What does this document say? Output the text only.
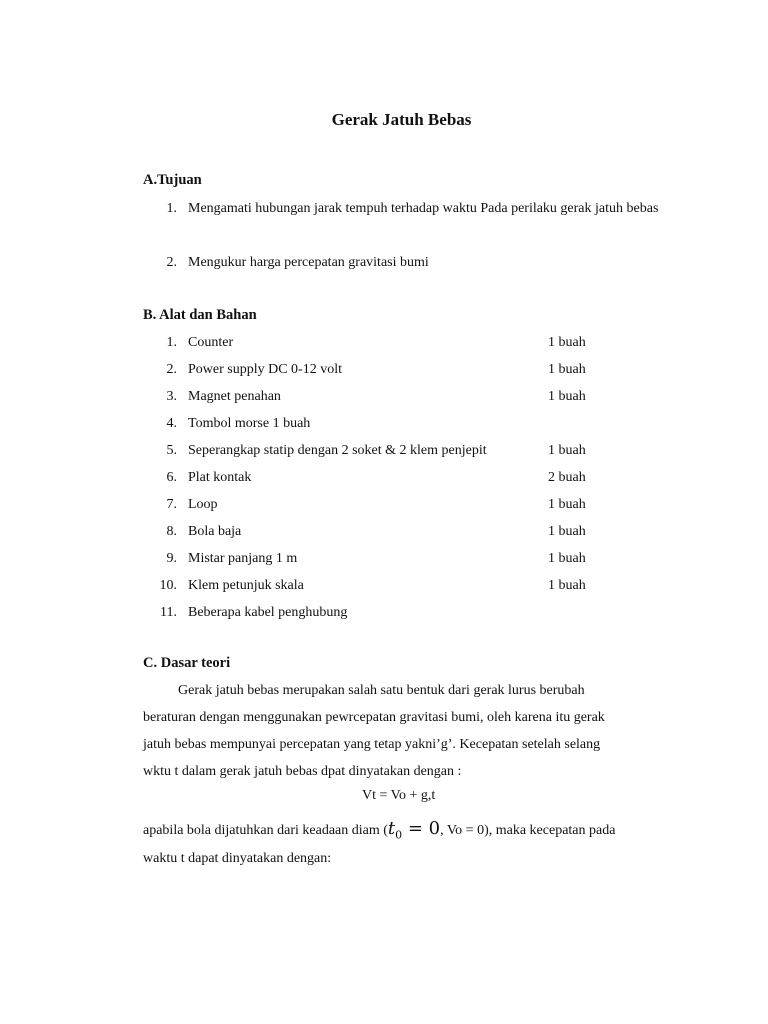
Gerak Jatuh Bebas
A.Tujuan
1. Mengamati hubungan jarak tempuh terhadap waktu Pada perilaku gerak jatuh bebas
2. Mengukur harga percepatan gravitasi bumi
B. Alat dan Bahan
1. Counter	1 buah
2. Power supply DC 0-12 volt	1 buah
3. Magnet penahan	1 buah
4. Tombol morse 1 buah
5. Seperangkap statip dengan 2 soket & 2 klem penjepit	1 buah
6. Plat kontak	2 buah
7. Loop	1 buah
8. Bola baja	1 buah
9. Mistar panjang 1 m	1 buah
10. Klem petunjuk skala	1 buah
11. Beberapa kabel penghubung
C. Dasar teori
Gerak jatuh bebas merupakan salah satu bentuk dari gerak lurus berubah
beraturan dengan menggunakan pewrcepatan gravitasi bumi, oleh karena itu gerak
jatuh bebas mempunyai percepatan yang tetap yakni’g’. Kecepatan setelah selang
wktu t dalam gerak jatuh bebas dpat dinyatakan dengan :
Vt = Vo + g,t
apabila bola dijatuhkan dari keadaan diam ($t_0 = 0$, Vo = 0), maka kecepatan pada
waktu t dapat dinyatakan dengan:
